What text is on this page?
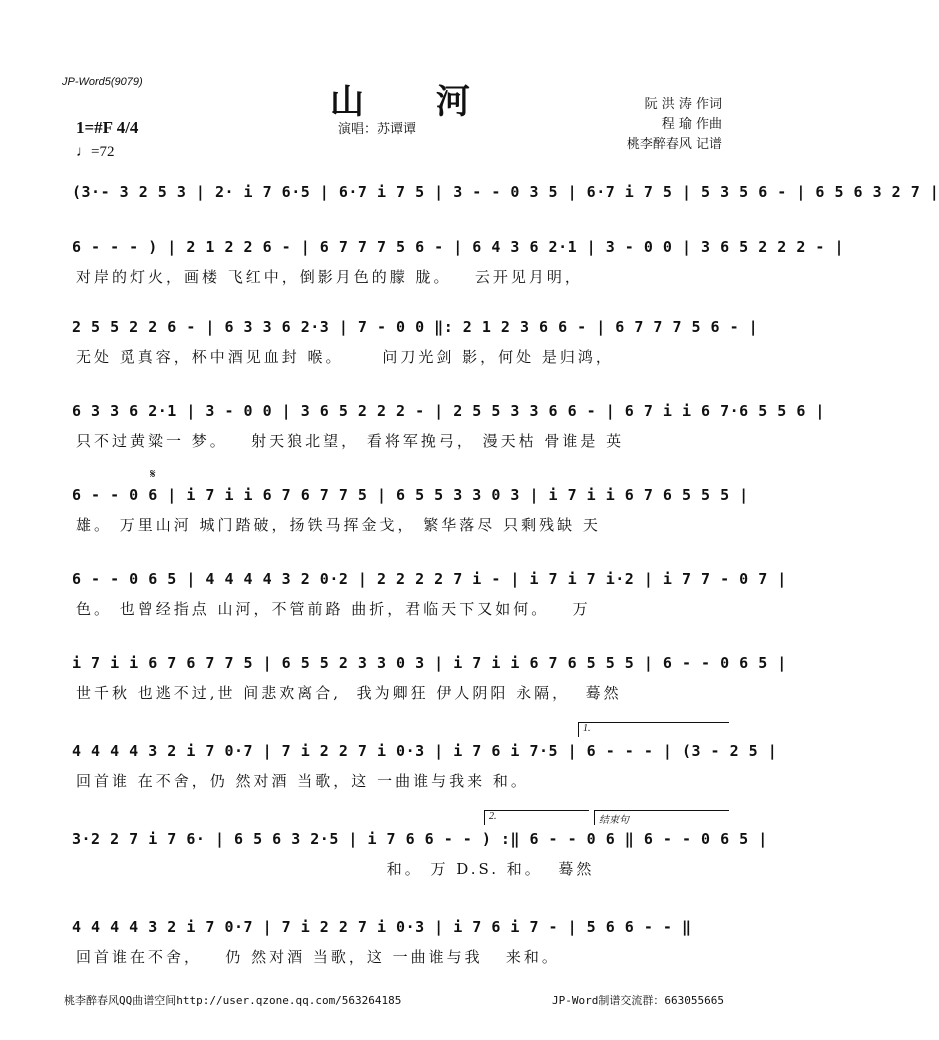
JP-Word5(9079)	山 河
演唱：苏谭谭
阮 洪 涛 作词
程 瑜 作曲
桃李醉春风 记谱
1=#F 4/4
♩=72
(3·- 3 2 5 3 | 2· i 7 6·5 | 6·7 i 7 5 | 3 - - 0 3 5 | 6·7 i 7 5 | 5 3 5 6 - | 6 5 6 3 2 7 |
6 - - - ) | 2 1 2 2 6 - | 6 7 7 7 5 6 - | 6 4 3 6 2·1 | 3 - 0 0 | 3 6 5 2 2 2 - |
对岸的灯火，画楼 飞红中，倒影月色的朦 胧。   云开见月明，
2 5 5 2 2 6 - | 6 3 3 6 2·3 | 7 - 0 0 ‖: 2 1 2 3 6 6 - | 6 7 7 7 5 6 - |
无处 觅真容，杯中酒见血封 喉。     问刀光剑 影，何处 是归鸿，
6 3 3 6 2·1 | 3 - 0 0 | 3 6 5 2 2 2 - | 2 5 5 3 3 6 6 - | 6 7 i i 6 7·6 5 5 6 |
只不过黄粱一 梦。   射天狼北望， 看将军挽弓， 漫天枯 骨谁是 英
𝄋
6 - - 0 6 | i 7 i i 6 7 6 7 7 5 | 6 5 5 3 3 0 3 | i 7 i i 6 7 6 5 5 5 |
雄。 万里山河 城门踏破，扬铁马挥金戈， 繁华落尽 只剩残缺 天
6 - - 0 6 5 | 4 4 4 4 3 2 0·2 | 2 2 2 2 7 i - | i 7 i 7 i·2 | i 7 7 - 0 7 |
色。 也曾经指点 山河，不管前路 曲折，君临天下又如何。   万
i 7 i i 6 7 6 7 7 5 | 6 5 5 2 3 3 0 3 | i 7 i i 6 7 6 5 5 5 | 6 - - 0 6 5 |
世千秋 也逃不过,世 间悲欢离合,  我为卿狂 伊人阴阳 永隔，  蓦然
1.
4 4 4 4 3 2 i 7 0·7 | 7 i 2 2 7 i 0·3 | i 7 6 i 7·5 | 6 - - - | (3 - 2 5 |
回首谁 在不舍，仍 然对酒 当歌，这 一曲谁与我来 和。
2.	结束句
3·2 2 7 i 7 6· | 6 5 6 3 2·5 | i 7 6 6 - - ) :‖ 6 - - 0 6 ‖ 6 - - 0 6 5 |
和。 万 D.S. 和。  蓦然
4 4 4 4 3 2 i 7 0·7 | 7 i 2 2 7 i 0·3 | i 7 6 i 7 - | 5 6 6 - - ‖
回首谁在不舍，   仍 然对酒 当歌，这 一曲谁与我   来和。
桃李醉春风QQ曲谱空间http://user.qzone.qq.com/563264185	JP-Word制谱交流群：663055665
